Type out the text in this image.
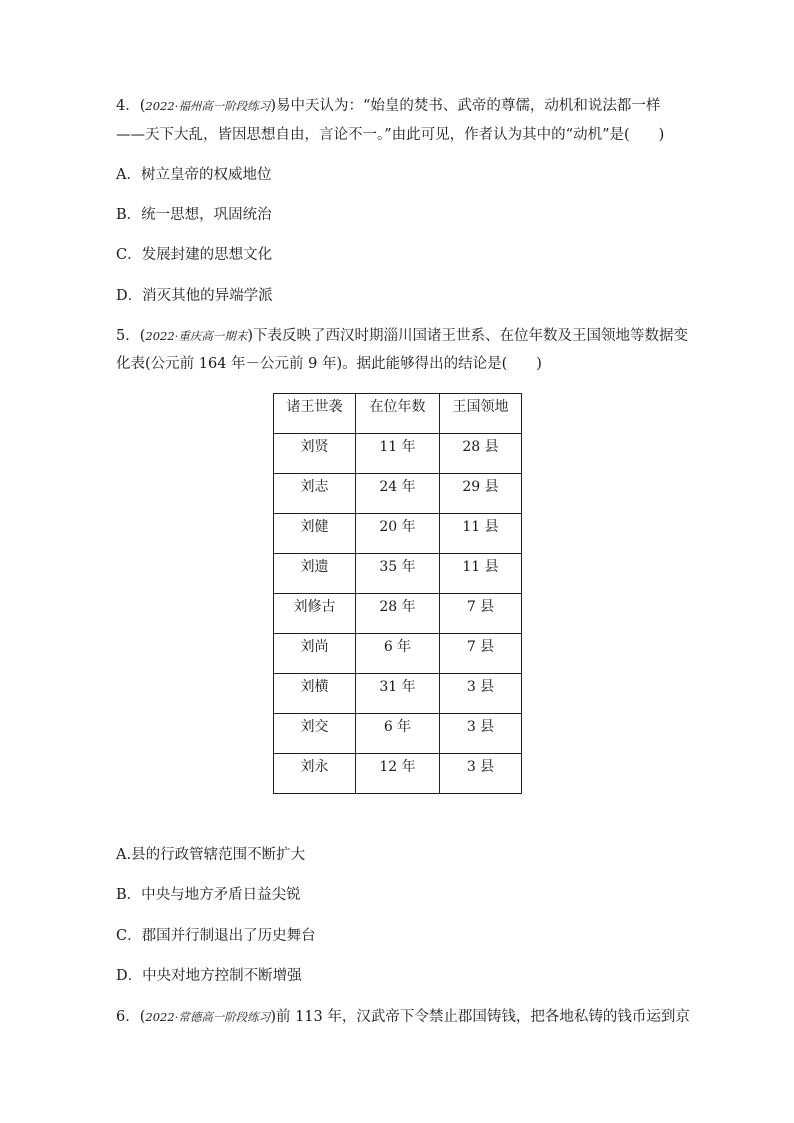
4．(2022·福州高一阶段练习)易中天认为：“始皇的焚书、武帝的尊儒，动机和说法都一样
——天下大乱，皆因思想自由，言论不一。”由此可见，作者认为其中的“动机”是(　　)
A．树立皇帝的权威地位
B．统一思想，巩固统治
C．发展封建的思想文化
D．消灭其他的异端学派
5．(2022·重庆高一期末)下表反映了西汉时期淄川国诸王世系、在位年数及王国领地等数据变
化表(公元前 164 年－公元前 9 年)。据此能够得出的结论是(　　)
诸王世袭	在位年数	王国领地
刘贤	11 年	28 县
刘志	24 年	29 县
刘健	20 年	11 县
刘遗	35 年	11 县
刘修古	28 年	7 县
刘尚	6 年	7 县
刘横	31 年	3 县
刘交	6 年	3 县
刘永	12 年	3 县
A.县的行政管辖范围不断扩大
B．中央与地方矛盾日益尖锐
C．郡国并行制退出了历史舞台
D．中央对地方控制不断增强
6．(2022·常德高一阶段练习)前 113 年，汉武帝下令禁止郡国铸钱，把各地私铸的钱币运到京
